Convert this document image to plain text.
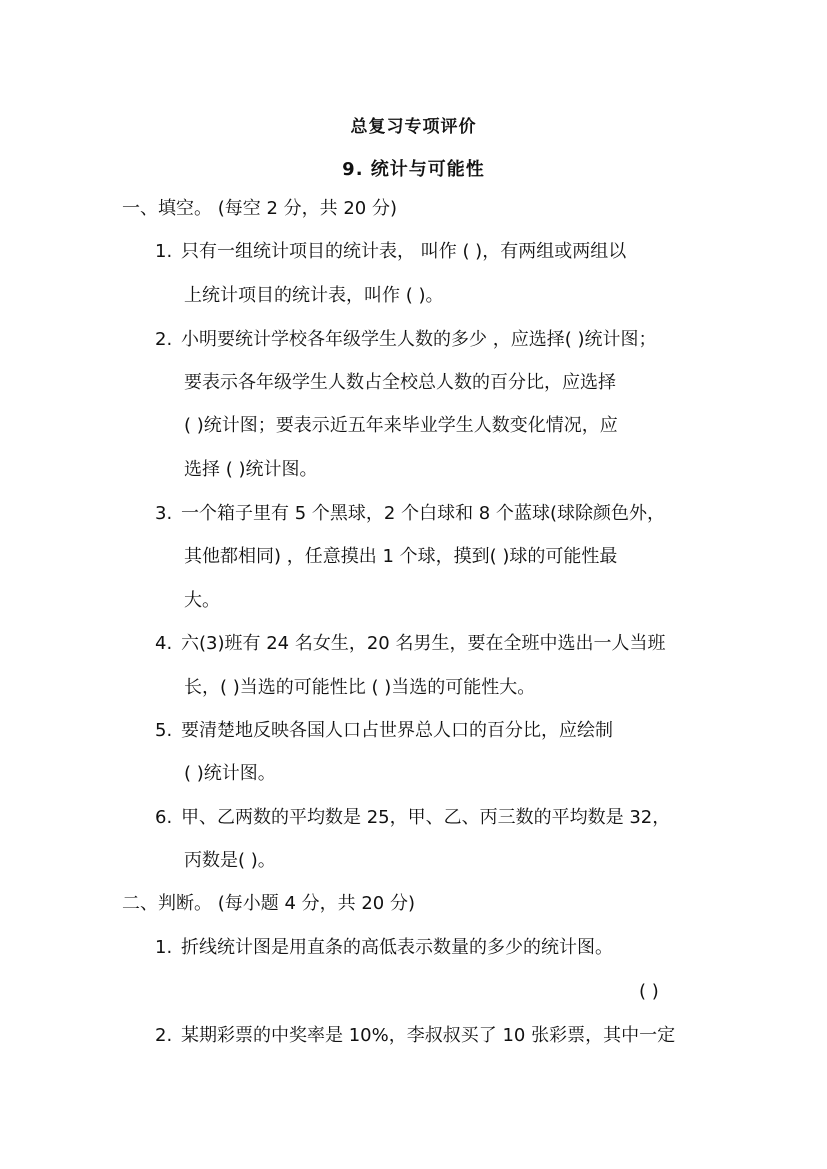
总复习专项评价
9. 统计与可能性
一、填空。 (每空 2 分，共 20 分)
1. 只有一组统计项目的统计表， 叫作 ( )，有两组或两组以
上统计项目的统计表，叫作 ( )。
2. 小明要统计学校各年级学生人数的多少 ，应选择( )统计图；
要表示各年级学生人数占全校总人数的百分比，应选择
( )统计图；要表示近五年来毕业学生人数变化情况，应
选择 ( )统计图。
3. 一个箱子里有 5 个黑球，2 个白球和 8 个蓝球(球除颜色外，
其他都相同) ，任意摸出 1 个球，摸到( )球的可能性最
大。
4. 六(3)班有 24 名女生，20 名男生，要在全班中选出一人当班
长，( )当选的可能性比 ( )当选的可能性大。
5. 要清楚地反映各国人口占世界总人口的百分比，应绘制
( )统计图。
6. 甲、乙两数的平均数是 25，甲、乙、丙三数的平均数是 32，
丙数是( )。
二、判断。 (每小题 4 分，共 20 分)
1. 折线统计图是用直条的高低表示数量的多少的统计图。
( )
2. 某期彩票的中奖率是 10%，李叔叔买了 10 张彩票，其中一定
